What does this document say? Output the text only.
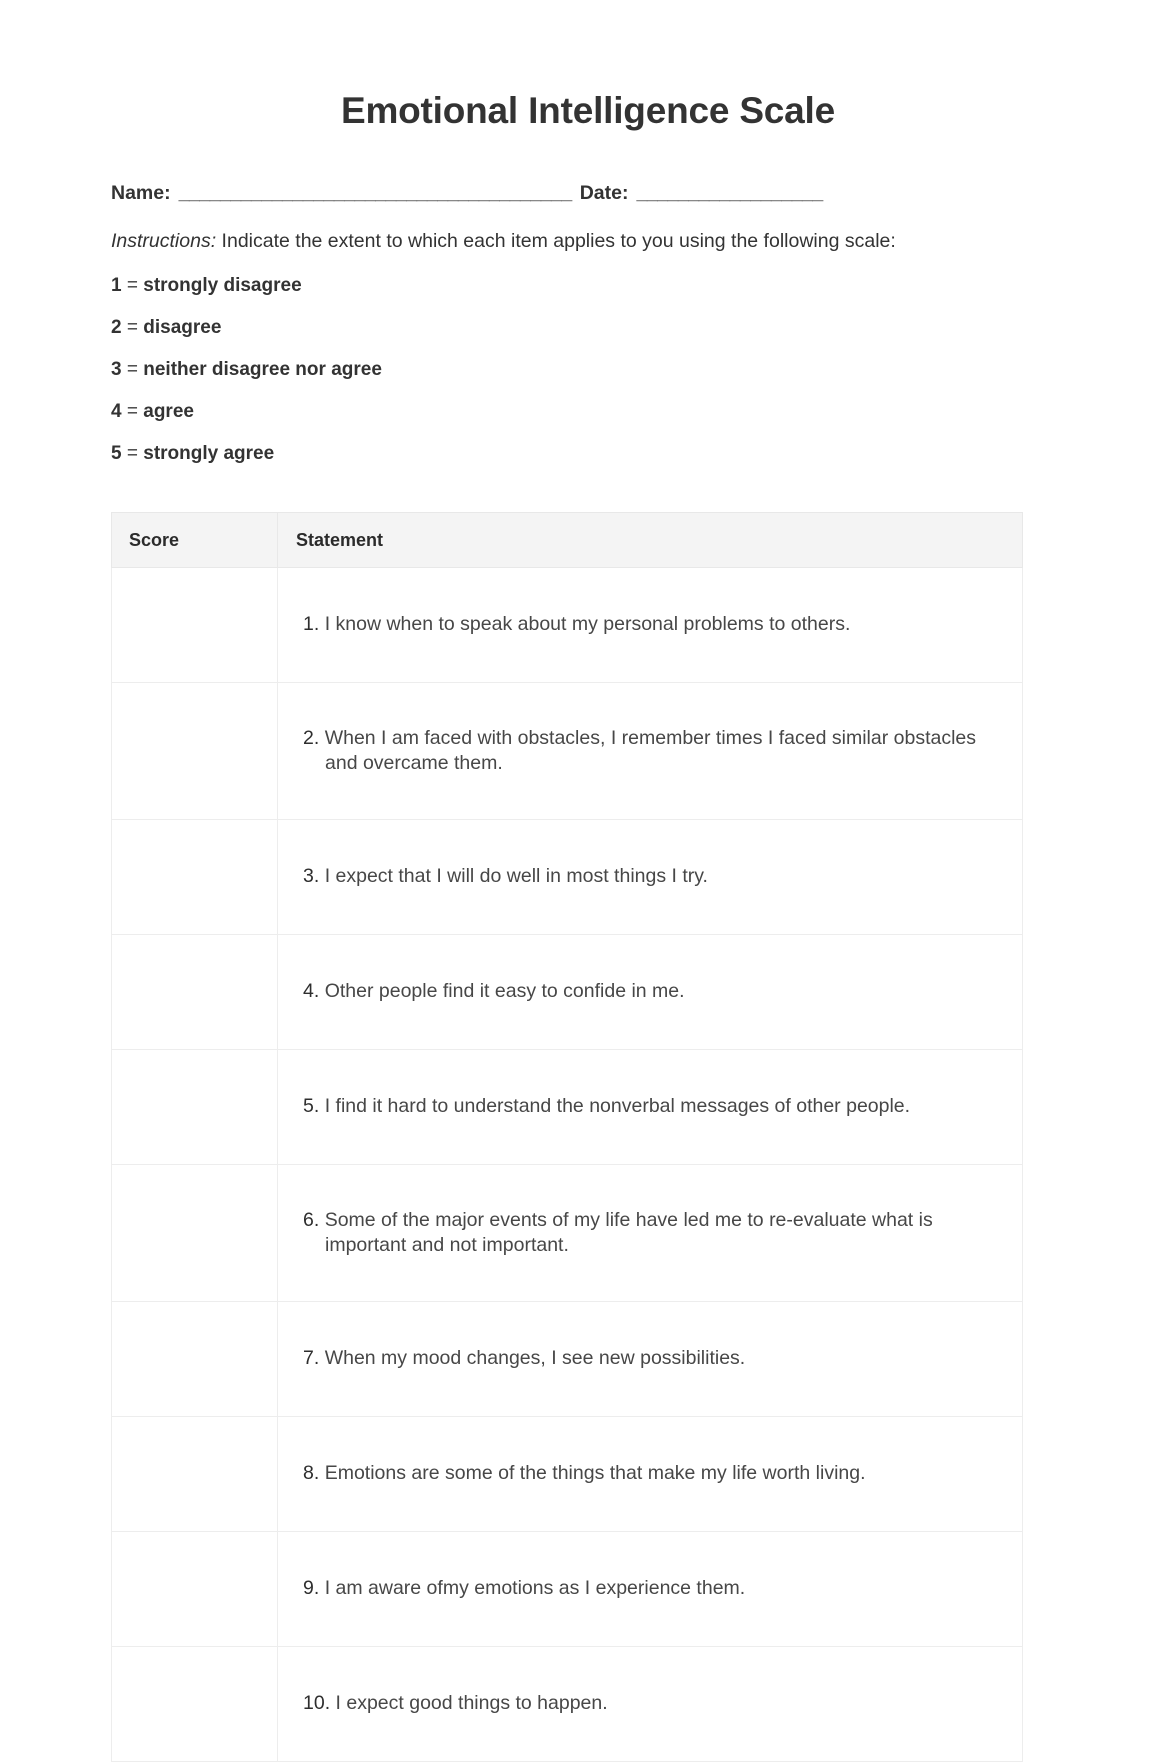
Emotional Intelligence Scale
Name: ______________________________________ Date: __________________

Instructions: Indicate the extent to which each item applies to you using the following scale:

1 = strongly disagree
2 = disagree
3 = neither disagree nor agree
4 = agree
5 = strongly agree
Score	Statement

	1. I know when to speak about my personal problems to others.

	2. When I am faced with obstacles, I remember times I faced similar obstacles and overcame them.

	3. I expect that I will do well in most things I try.

	4. Other people find it easy to confide in me.

	5. I find it hard to understand the nonverbal messages of other people.

	6. Some of the major events of my life have led me to re-evaluate what is important and not important.

	7. When my mood changes, I see new possibilities.

	8. Emotions are some of the things that make my life worth living.

	9. I am aware ofmy emotions as I experience them.

	10. I expect good things to happen.
